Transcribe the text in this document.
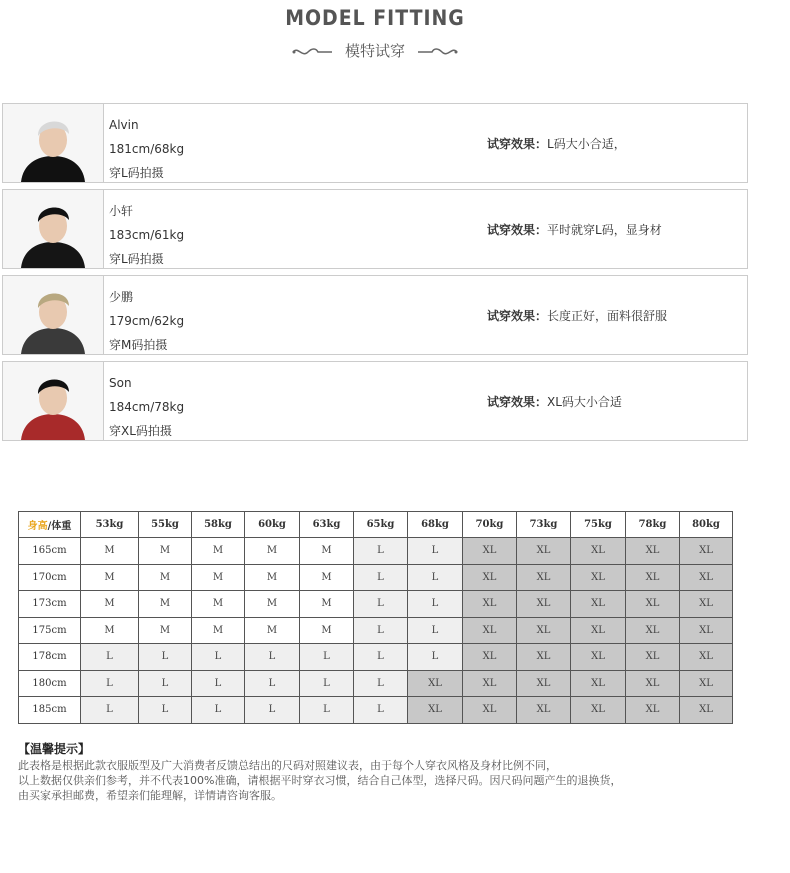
MODEL FITTING
模特试穿
Alvin
181cm/68kg
穿L码拍摄
试穿效果：L码大小合适，
小轩
183cm/61kg
穿L码拍摄
试穿效果：平时就穿L码，显身材
少鹏
179cm/62kg
穿M码拍摄
试穿效果：长度正好，面料很舒服
Son
184cm/78kg
穿XL码拍摄
试穿效果：XL码大小合适
身高/体重	53kg	55kg	58kg	60kg	63kg	65kg	68kg	70kg	73kg	75kg	78kg	80kg
165cm	M	M	M	M	M	L	L	XL	XL	XL	XL	XL
170cm	M	M	M	M	M	L	L	XL	XL	XL	XL	XL
173cm	M	M	M	M	M	L	L	XL	XL	XL	XL	XL
175cm	M	M	M	M	M	L	L	XL	XL	XL	XL	XL
178cm	L	L	L	L	L	L	L	XL	XL	XL	XL	XL
180cm	L	L	L	L	L	L	XL	XL	XL	XL	XL	XL
185cm	L	L	L	L	L	L	XL	XL	XL	XL	XL	XL
【温馨提示】
此表格是根据此款衣服版型及广大消费者反馈总结出的尺码对照建议表，由于每个人穿衣风格及身材比例不同，
以上数据仅供亲们参考，并不代表100%准确，请根据平时穿衣习惯，结合自己体型，选择尺码。因尺码问题产生的退换货，
由买家承担邮费，希望亲们能理解，详情请咨询客服。
